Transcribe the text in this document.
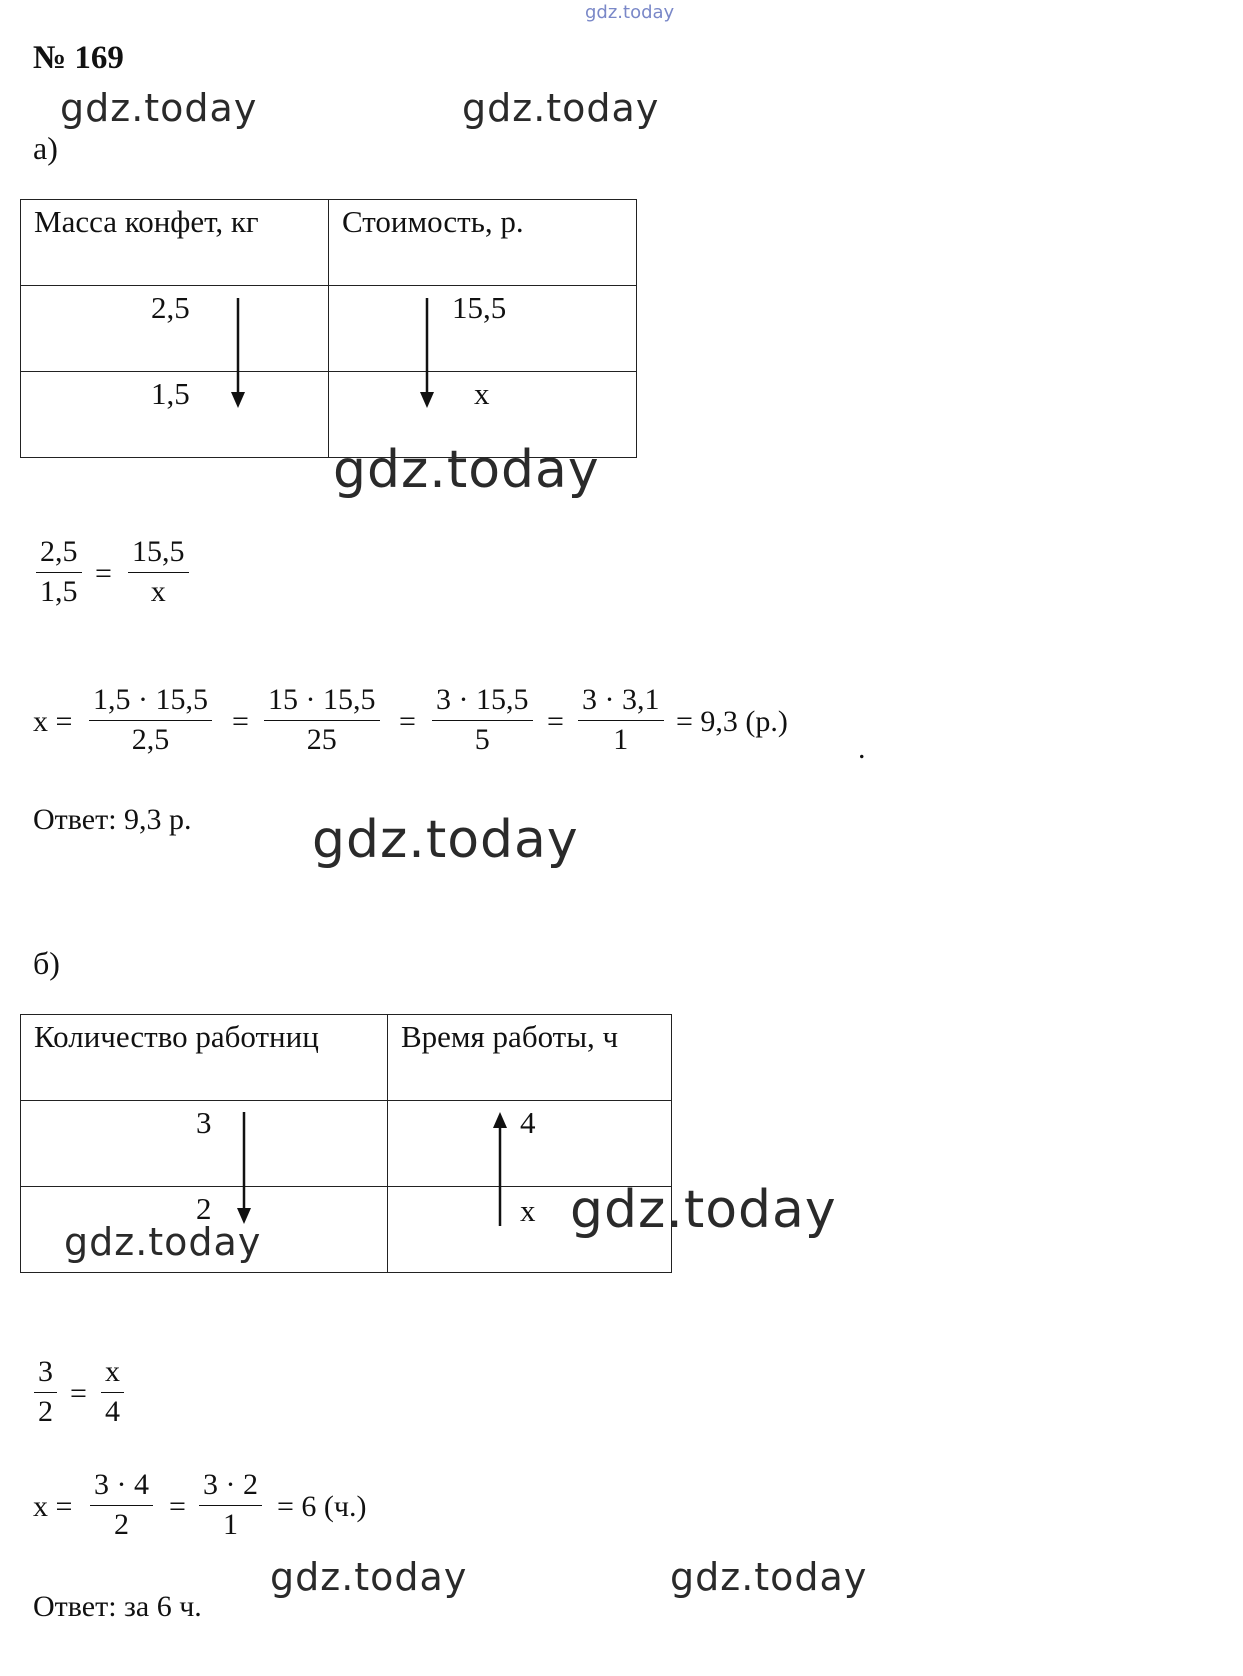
gdz.today
№ 169
gdz.today	gdz.today
а)
Масса конфет, кг	Стоимость, р.

2,5	15,5

1,5	x
gdz.today
$\frac{2,5}{1,5} = \frac{15,5}{x}$
$x = \frac{1,5 \cdot 15,5}{2,5} = \frac{15 \cdot 15,5}{25} = \frac{3 \cdot 15,5}{5} = \frac{3 \cdot 3,1}{1} = 9,3$ (р.)
.
Ответ: 9,3 р. gdz.today
б)
Количество работниц	Время работы, ч

3	4

2	x
gdz.today
gdz.today
$\frac{3}{2} = \frac{x}{4}$
$x = \frac{3 \cdot 4}{2} = \frac{3 \cdot 2}{1} = 6$ (ч.)
gdz.today	gdz.today
Ответ: за 6 ч.
